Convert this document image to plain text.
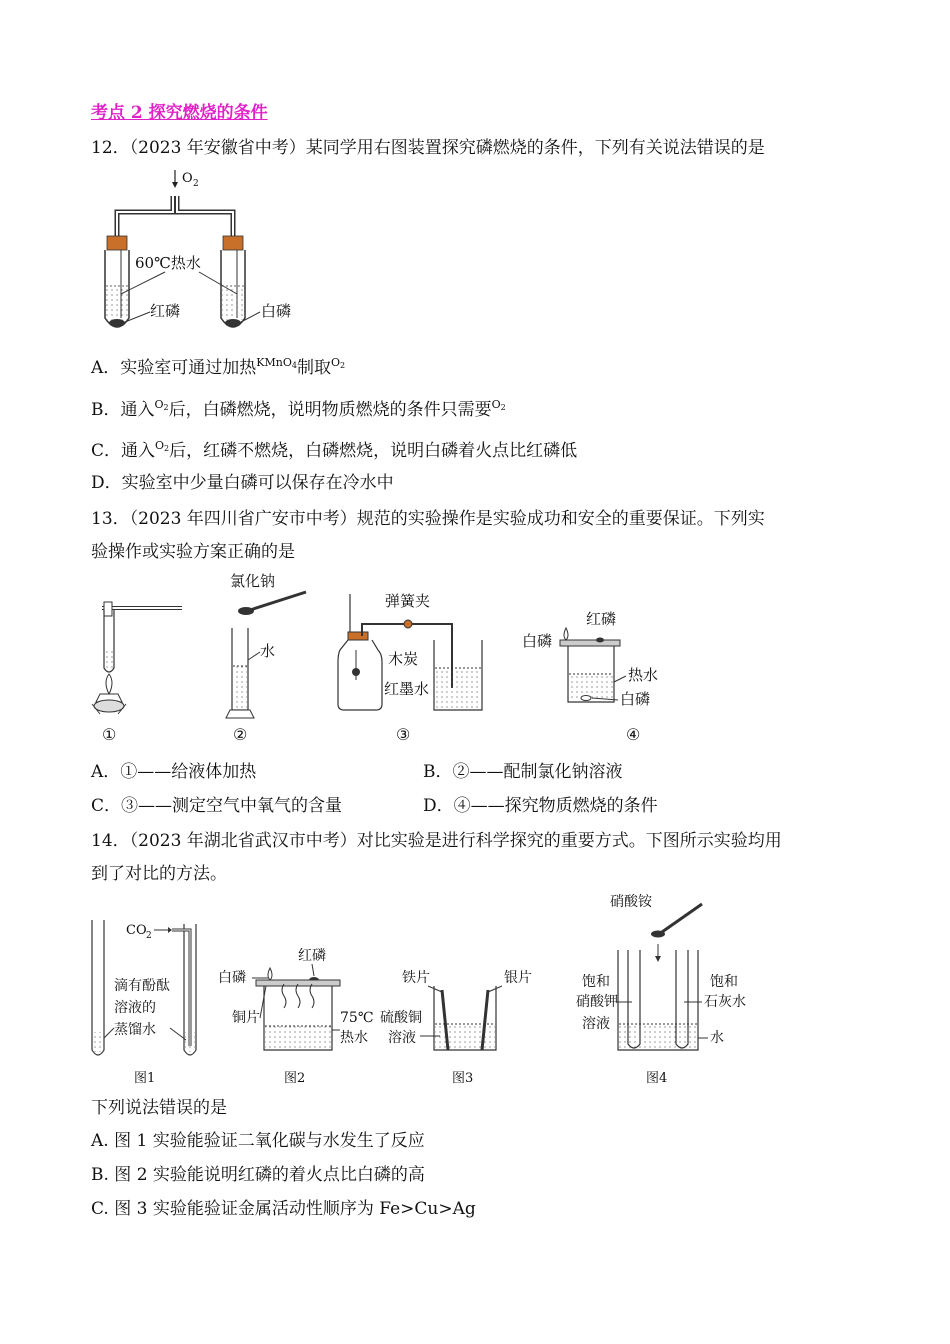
考点 2 探究燃烧的条件
12．（2023 年安徽省中考）某同学用右图装置探究磷燃烧的条件，下列有关说法错误的是
O 2
60℃热水
红磷	白磷
A．实验室可通过加热$^{KMnO4}$制取$^{O2}$
B．通入$^{O2}$后，白磷燃烧，说明物质燃烧的条件只需要$^{O2}$
C．通入$^{O2}$后，红磷不燃烧，白磷燃烧，说明白磷着火点比红磷低
D．实验室中少量白磷可以保存在冷水中
13．（2023 年四川省广安市中考）规范的实验操作是实验成功和安全的重要保证。下列实
验操作或实验方案正确的是
①
氯化钠
水
②
弹簧夹
木炭
红墨水
③
白磷
红磷
热水
白磷
④
A．①——给液体加热	B．②——配制氯化钠溶液
C．③——测定空气中氧气的含量	D．④——探究物质燃烧的条件
14．（2023 年湖北省武汉市中考）对比实验是进行科学探究的重要方式。下图所示实验均用
到了对比的方法。
CO 2
滴有酚酞
溶液的
蒸馏水
图1
白磷
红磷
铜片	75℃
热水
图2
铁片	银片
硫酸铜
溶液
图3
硝酸铵
饱和
硝酸钾
溶液
饱和
石灰水
水
图4
下列说法错误的是
A. 图 1 实验能验证二氧化碳与水发生了反应
B. 图 2 实验能说明红磷的着火点比白磷的高
C. 图 3 实验能验证金属活动性顺序为 Fe>Cu>Ag
